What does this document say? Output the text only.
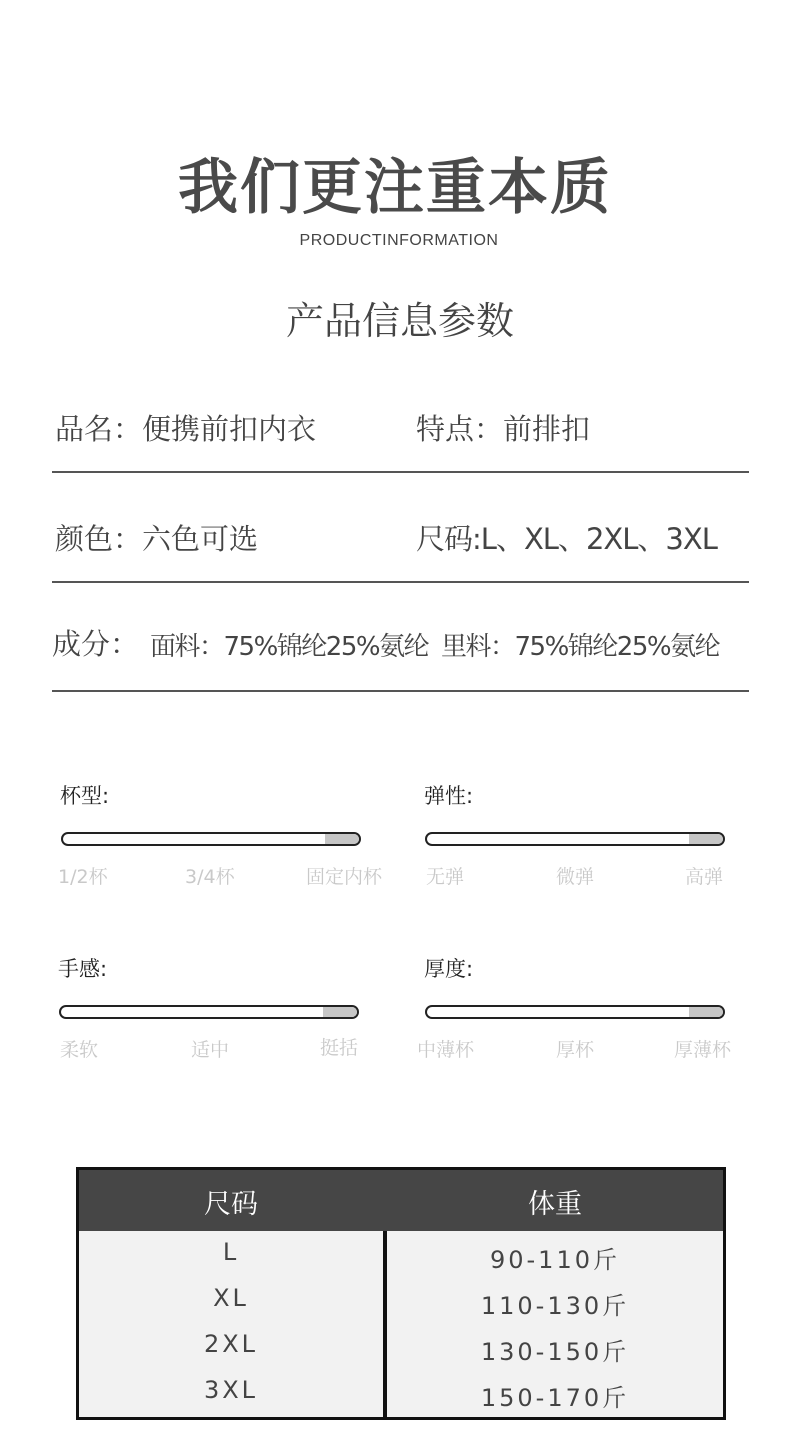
我们更注重本质
PRODUCTINFORMATION
产品信息参数
品名：便携前扣内衣	特点：前排扣
颜色：六色可选	尺码:L、XL、2XL、3XL
成分： 面料：75%锦纶25%氨纶 里料：75%锦纶25%氨纶
杯型:
1/2杯	3/4杯	固定内杯
弹性:
无弹	微弹	高弹
手感:
柔软	适中	挺括
厚度:
中薄杯	厚杯	厚薄杯
尺码	体重
L	90-110斤
XL	110-130斤
2XL	130-150斤
3XL	150-170斤
